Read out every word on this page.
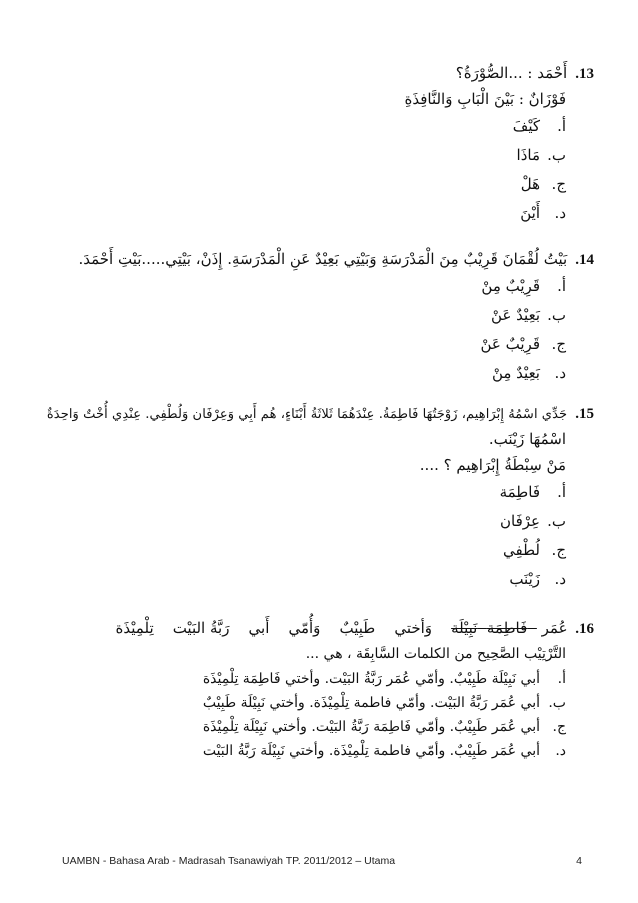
13. أَحْمَد : ...الصُّوْرَةُ؟
فَوْزَانٌ : بَيْنَ الْبَابِ وَالنَّافِذَةِ
أ.كَيْفَ
ب.مَاذَا
ج.هَلْ
د.أَيْنَ
14. بَيْتُ لُقْمَانَ قَرِيْبٌ مِنَ الْمَدْرَسَةِ وَبَيْتِي بَعِيْدٌ عَنِ الْمَدْرَسَةِ. إِذَنْ، بَيْتِي.....بَيْتِ أَحْمَدَ.
أ.قَرِيْبٌ مِنْ
ب.بَعِيْدٌ عَنْ
ج.قَرِيْبٌ عَنْ
د.بَعِيْدٌ مِنْ
15. جَدِّي اسْمُهُ إِبْرَاهِيم، زَوْجَتُهَا فَاطِمَةُ. عِنْدَهُمَا ثَلاثَةُ أَبْنَاءٍ، هُم أَبِي وَعِرْفَان وَلُطْفِي. عِنْدِي أُخْتٌ وَاحِدَةٌ
اسْمُهَا زَيْنَب.
مَنْ سِبْطَةُ إِبْرَاهِيم ؟ ....
أ.فَاطِمَة
ب.عِرْفَان
ج.لُطْفِي
د.زَيْنَب
16. عُمَر   فَاطِمَة  نَبِيْلَة    وَأختي    طَبِيْبٌ    وَأُمّي    أَبي    رَبَّةُ البَيْت    تِلْمِيْذَة
التَّرْتِيْب الصَّحِيح من الكلمات السَّابِقَة ، هي ...
أ.أبي نَبِيْلَة طَبِيْبٌ. وأمّي عُمَر رَبَّةُ البَيْت. وأختي فَاطِمَة تِلْمِيْذَة
ب.أبي عُمَر رَبَّةُ البَيْت. وأمّي فاطمة تِلْمِيْذَة. وأختي نَبِيْلَة طَبِيْبٌ
ج.أبي عُمَر طَبِيْبٌ. وأمّي فَاطِمَة رَبَّةُ البَيْت. وأختي نَبِيْلَة تِلْمِيْذَة
د.أبي عُمَر طَبِيْبٌ. وأمّي فاطمة تِلْمِيْذَة. وأختي نَبِيْلَة رَبَّةُ البَيْت
UAMBN - Bahasa Arab - Madrasah Tsanawiyah TP. 2011/2012 – Utama	4
